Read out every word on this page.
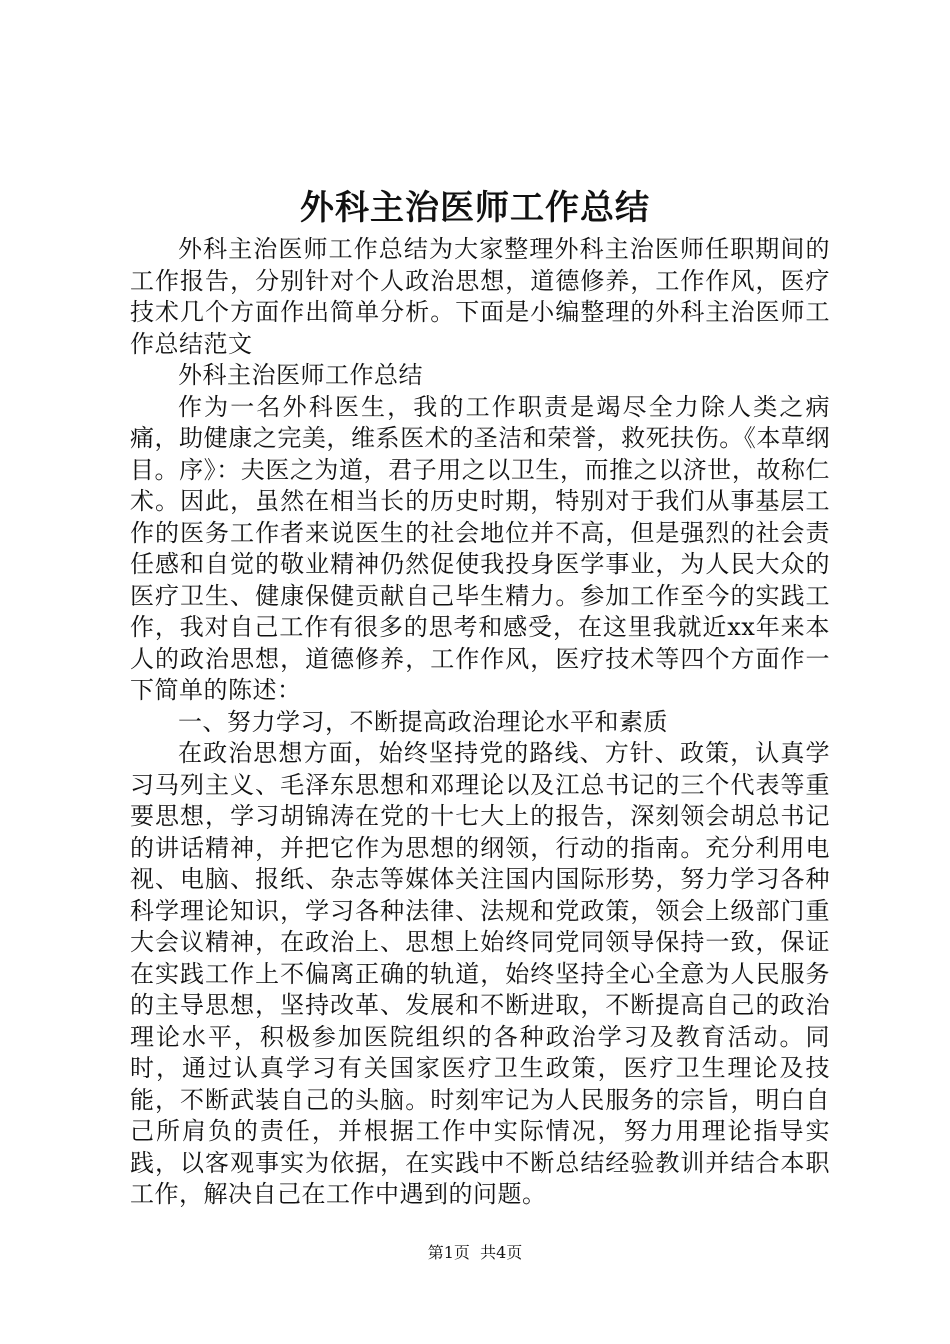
外科主治医师工作总结

外科主治医师工作总结为大家整理外科主治医师任职期间的工作报告，分别针对个人政治思想，道德修养，工作作风，医疗技术几个方面作出简单分析。下面是小编整理的外科主治医师工作总结范文

外科主治医师工作总结

作为一名外科医生，我的工作职责是竭尽全力除人类之病痛，助健康之完美，维系医术的圣洁和荣誉，救死扶伤。《本草纲目。序》：夫医之为道，君子用之以卫生，而推之以济世，故称仁术。因此，虽然在相当长的历史时期，特别对于我们从事基层工作的医务工作者来说医生的社会地位并不高，但是强烈的社会责任感和自觉的敬业精神仍然促使我投身医学事业，为人民大众的医疗卫生、健康保健贡献自己毕生精力。参加工作至今的实践工作，我对自己工作有很多的思考和感受，在这里我就近xx年来本人的政治思想，道德修养，工作作风，医疗技术等四个方面作一下简单的陈述：

一、努力学习，不断提高政治理论水平和素质

在政治思想方面，始终坚持党的路线、方针、政策，认真学习马列主义、毛泽东思想和邓理论以及江总书记的三个代表等重要思想，学习胡锦涛在党的十七大上的报告，深刻领会胡总书记的讲话精神，并把它作为思想的纲领，行动的指南。充分利用电视、电脑、报纸、杂志等媒体关注国内国际形势，努力学习各种科学理论知识，学习各种法律、法规和党政策，领会上级部门重大会议精神，在政治上、思想上始终同党同领导保持一致，保证在实践工作上不偏离正确的轨道，始终坚持全心全意为人民服务的主导思想，坚持改革、发展和不断进取，不断提高自己的政治理论水平，积极参加医院组织的各种政治学习及教育活动。同时，通过认真学习有关国家医疗卫生政策，医疗卫生理论及技能，不断武装自己的头脑。时刻牢记为人民服务的宗旨，明白自己所肩负的责任，并根据工作中实际情况，努力用理论指导实践，以客观事实为依据，在实践中不断总结经验教训并结合本职工作，解决自己在工作中遇到的问题。

第1页  共4页
